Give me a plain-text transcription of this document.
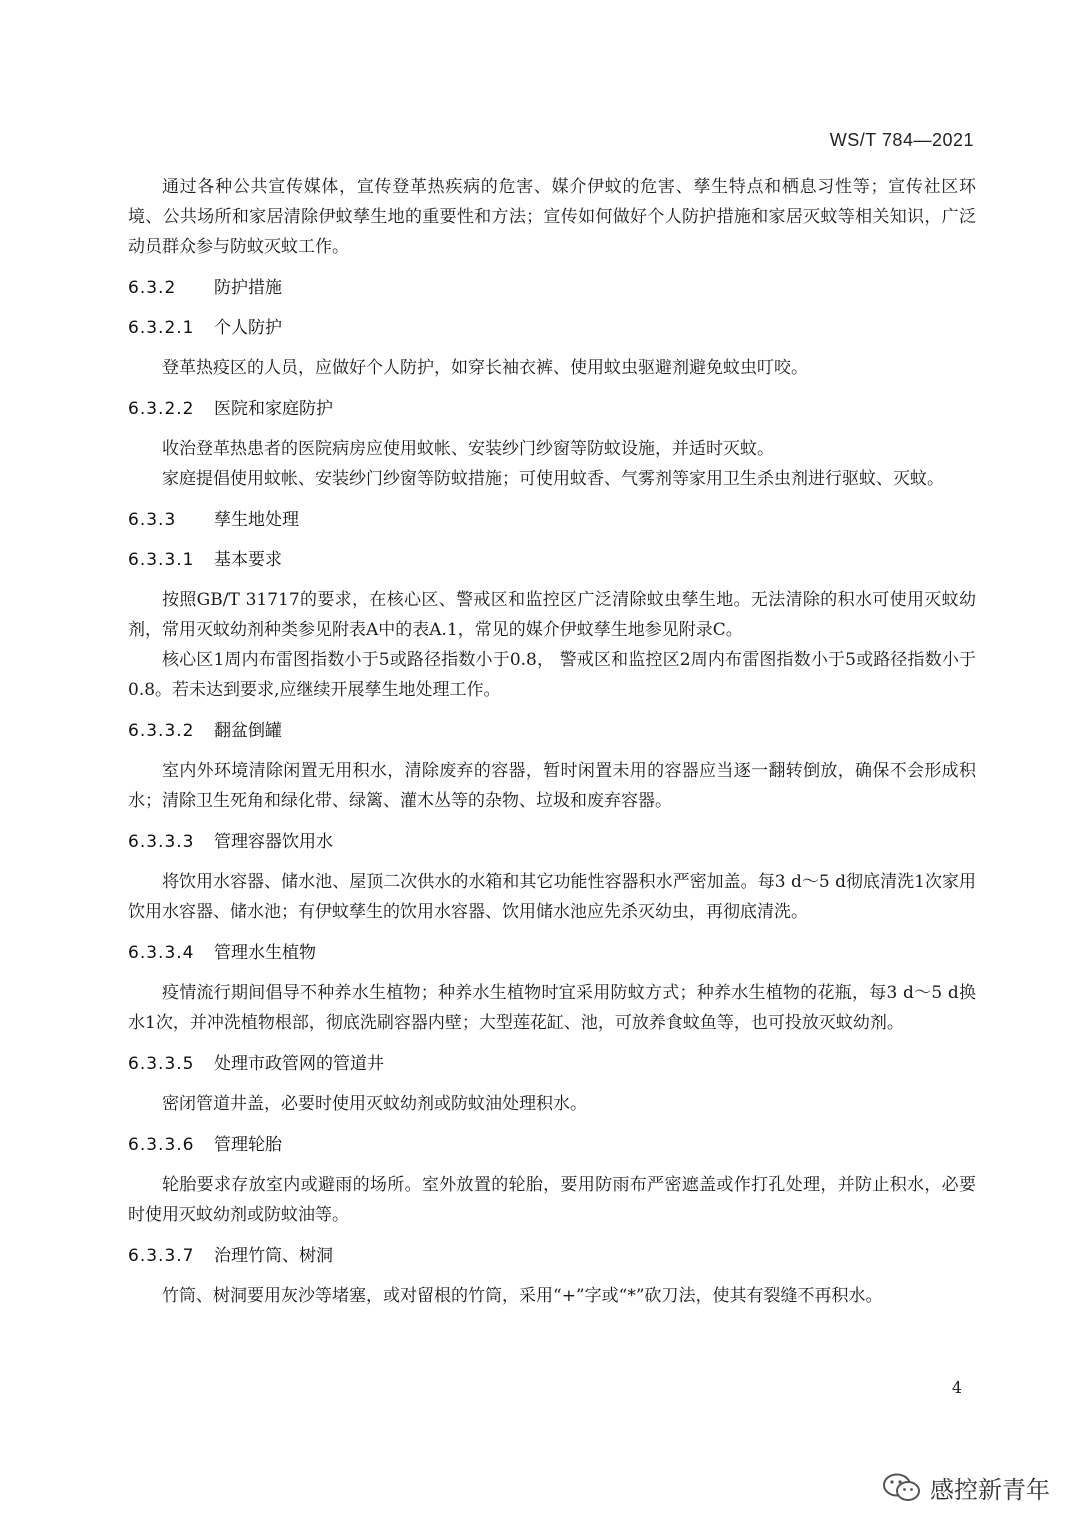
WS/T 784—2021

通过各种公共宣传媒体，宣传登革热疾病的危害、媒介伊蚊的危害、孳生特点和栖息习性等；宣传社区环境、公共场所和家居清除伊蚊孳生地的重要性和方法；宣传如何做好个人防护措施和家居灭蚊等相关知识，广泛动员群众参与防蚊灭蚊工作。

6.3.2 防护措施
6.3.2.1 个人防护

登革热疫区的人员，应做好个人防护，如穿长袖衣裤、使用蚊虫驱避剂避免蚊虫叮咬。

6.3.2.2 医院和家庭防护

收治登革热患者的医院病房应使用蚊帐、安装纱门纱窗等防蚊设施，并适时灭蚊。

家庭提倡使用蚊帐、安装纱门纱窗等防蚊措施；可使用蚊香、气雾剂等家用卫生杀虫剂进行驱蚊、灭蚊。

6.3.3 孳生地处理
6.3.3.1 基本要求

按照GB/T 31717的要求，在核心区、警戒区和监控区广泛清除蚊虫孳生地。无法清除的积水可使用灭蚊幼剂，常用灭蚊幼剂种类参见附表A中的表A.1，常见的媒介伊蚊孳生地参见附录C。

核心区1周内布雷图指数小于5或路径指数小于0.8， 警戒区和监控区2周内布雷图指数小于5或路径指数小于0.8。若未达到要求,应继续开展孳生地处理工作。

6.3.3.2 翻盆倒罐

室内外环境清除闲置无用积水，清除废弃的容器，暂时闲置未用的容器应当逐一翻转倒放，确保不会形成积水；清除卫生死角和绿化带、绿篱、灌木丛等的杂物、垃圾和废弃容器。

6.3.3.3 管理容器饮用水

将饮用水容器、储水池、屋顶二次供水的水箱和其它功能性容器积水严密加盖。每3 d～5 d彻底清洗1次家用饮用水容器、储水池；有伊蚊孳生的饮用水容器、饮用储水池应先杀灭幼虫，再彻底清洗。

6.3.3.4 管理水生植物

疫情流行期间倡导不种养水生植物；种养水生植物时宜采用防蚊方式；种养水生植物的花瓶，每3 d～5 d换水1次，并冲洗植物根部，彻底洗刷容器内壁；大型莲花缸、池，可放养食蚊鱼等，也可投放灭蚊幼剂。

6.3.3.5 处理市政管网的管道井

密闭管道井盖，必要时使用灭蚊幼剂或防蚊油处理积水。

6.3.3.6 管理轮胎

轮胎要求存放室内或避雨的场所。室外放置的轮胎，要用防雨布严密遮盖或作打孔处理，并防止积水，必要时使用灭蚊幼剂或防蚊油等。

6.3.3.7 治理竹筒、树洞

竹筒、树洞要用灰沙等堵塞，或对留根的竹筒，采用“+”字或“*”砍刀法，使其有裂缝不再积水。

4
感控新青年
